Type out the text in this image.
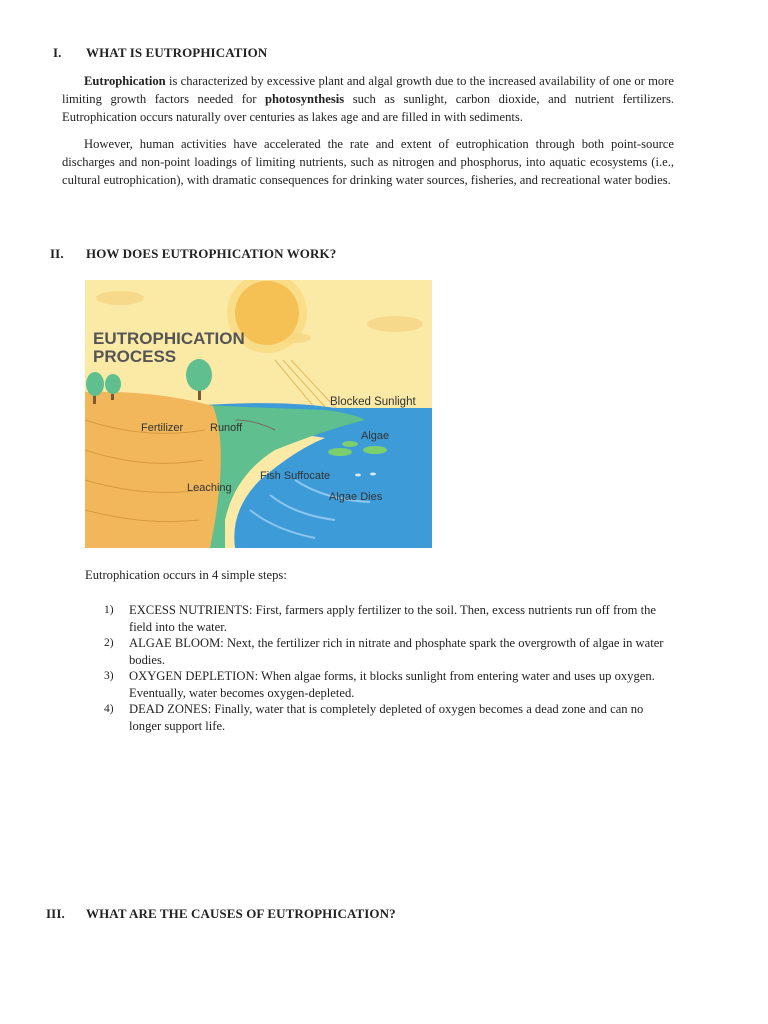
I. WHAT IS EUTROPHICATION
Eutrophication is characterized by excessive plant and algal growth due to the increased availability of one or more limiting growth factors needed for photosynthesis such as sunlight, carbon dioxide, and nutrient fertilizers. Eutrophication occurs naturally over centuries as lakes age and are filled in with sediments.
However, human activities have accelerated the rate and extent of eutrophication through both point-source discharges and non-point loadings of limiting nutrients, such as nitrogen and phosphorus, into aquatic ecosystems (i.e., cultural eutrophication), with dramatic consequences for drinking water sources, fisheries, and recreational water bodies.
II. HOW DOES EUTROPHICATION WORK?
EUTROPHICATION
PROCESS
Blocked Sunlight
Fertilizer Runoff
Algae
Fish Suffocate
Leaching
Algae Dies
Eutrophication occurs in 4 simple steps:
1) EXCESS NUTRIENTS: First, farmers apply fertilizer to the soil. Then, excess nutrients run off from the field into the water.
2) ALGAE BLOOM: Next, the fertilizer rich in nitrate and phosphate spark the overgrowth of algae in water bodies.
3) OXYGEN DEPLETION: When algae forms, it blocks sunlight from entering water and uses up oxygen. Eventually, water becomes oxygen-depleted.
4) DEAD ZONES: Finally, water that is completely depleted of oxygen becomes a dead zone and can no longer support life.
III. WHAT ARE THE CAUSES OF EUTROPHICATION?
